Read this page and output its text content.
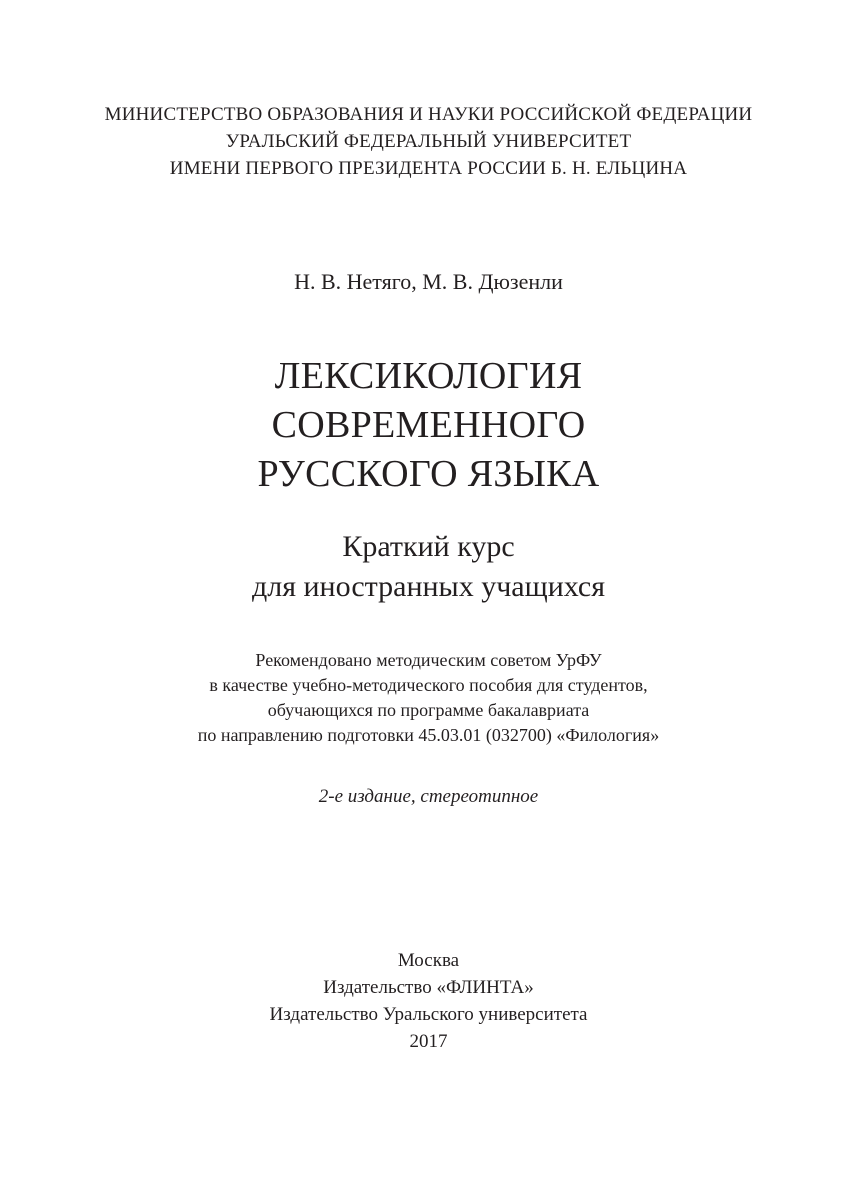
МИНИСТЕРСТВО ОБРАЗОВАНИЯ И НАУКИ РОССИЙСКОЙ ФЕДЕРАЦИИ
УРАЛЬСКИЙ ФЕДЕРАЛЬНЫЙ УНИВЕРСИТЕТ
ИМЕНИ ПЕРВОГО ПРЕЗИДЕНТА РОССИИ Б. Н. ЕЛЬЦИНА
Н. В. Нетяго, М. В. Дюзенли
ЛЕКСИКОЛОГИЯ
СОВРЕМЕННОГО
РУССКОГО ЯЗЫКА
Краткий курс
для иностранных учащихся
Рекомендовано методическим советом УрФУ
в качестве учебно-методического пособия для студентов,
обучающихся по программе бакалавриата
по направлению подготовки 45.03.01 (032700) «Филология»
2-е издание, стереотипное
Москва
Издательство «ФЛИНТА»
Издательство Уральского университета
2017
